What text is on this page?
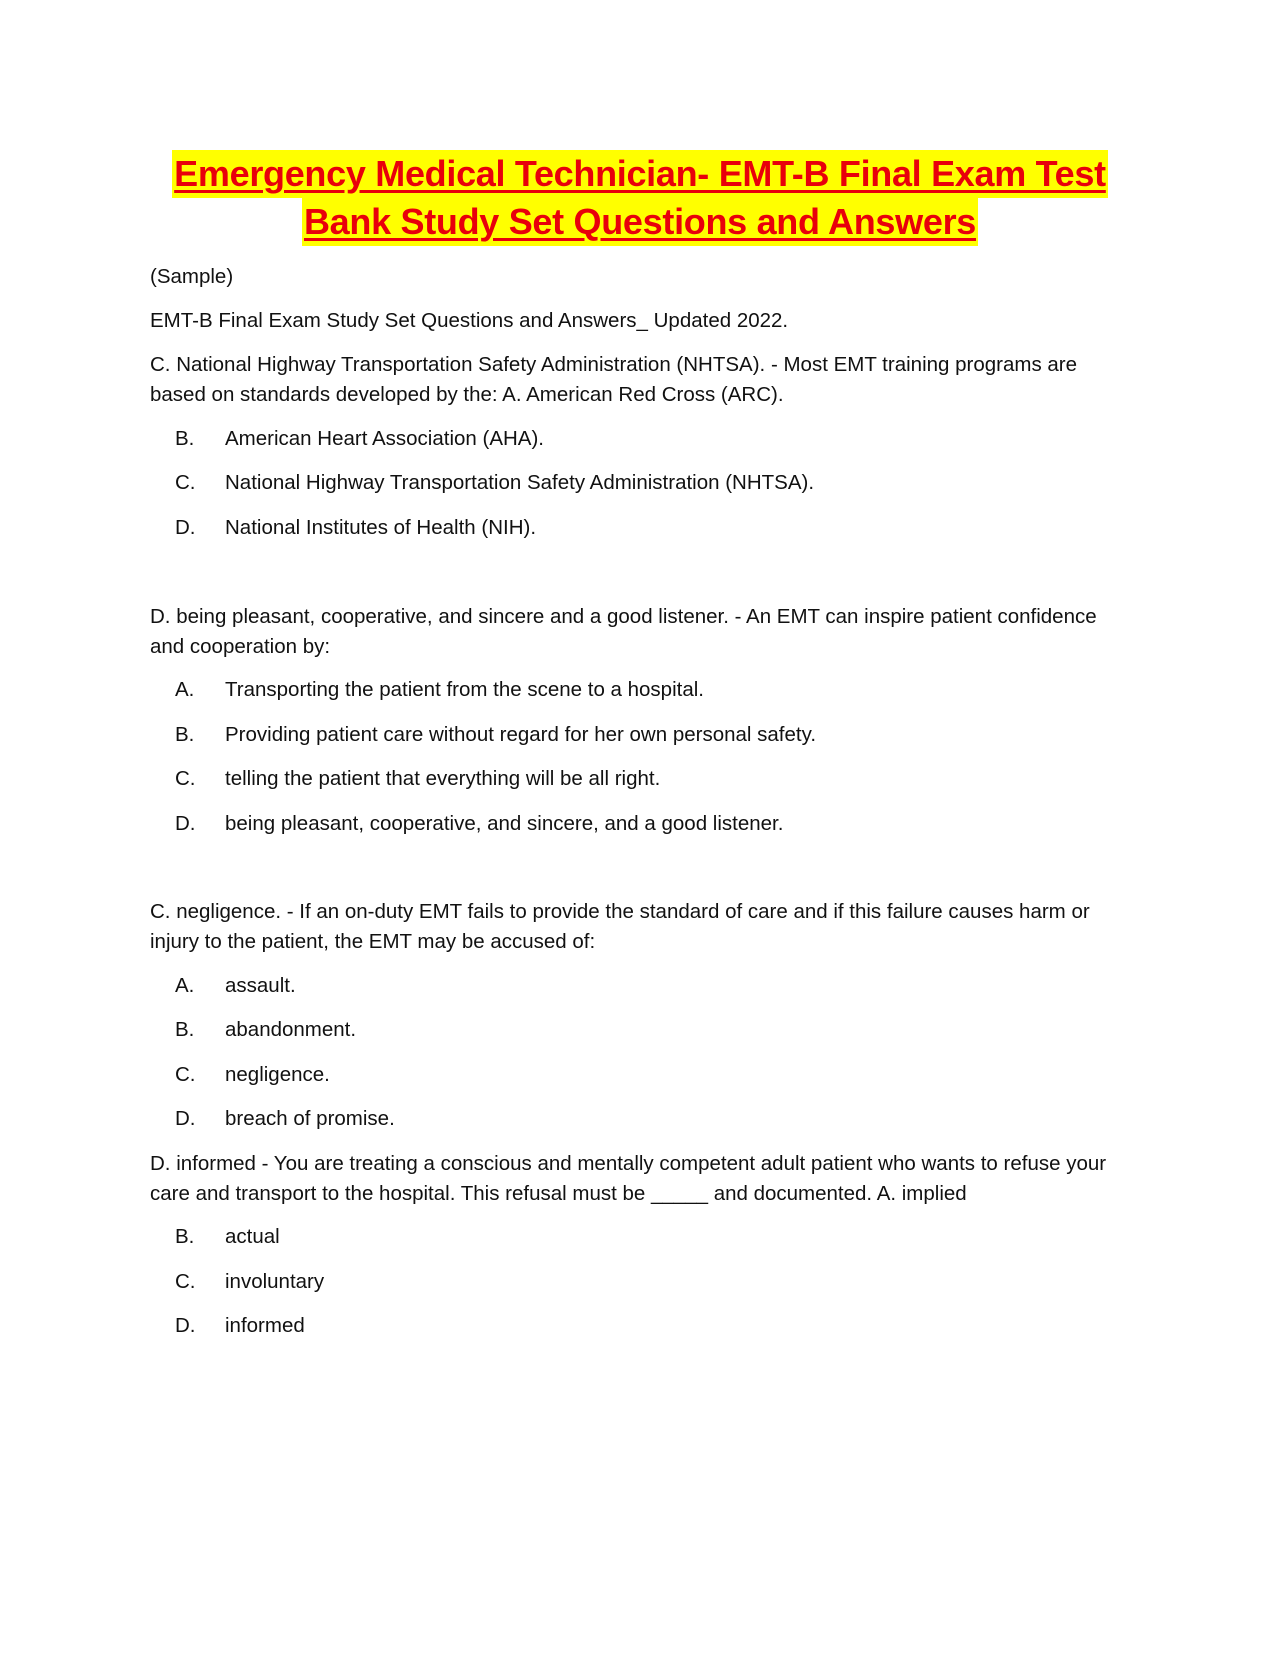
Emergency Medical Technician- EMT-B Final Exam Test
Bank Study Set Questions and Answers
(Sample)
EMT-B Final Exam Study Set Questions and Answers_ Updated 2022.

C. National Highway Transportation Safety Administration (NHTSA). - Most EMT training programs are based on standards developed by the: A. American Red Cross (ARC).

B. American Heart Association (AHA).
C. National Highway Transportation Safety Administration (NHTSA).
D. National Institutes of Health (NIH).

D. being pleasant, cooperative, and sincere and a good listener. - An EMT can inspire patient confidence and cooperation by:

A. Transporting the patient from the scene to a hospital.
B. Providing patient care without regard for her own personal safety.
C. telling the patient that everything will be all right.
D. being pleasant, cooperative, and sincere, and a good listener.

C. negligence. - If an on-duty EMT fails to provide the standard of care and if this failure causes harm or injury to the patient, the EMT may be accused of:

A. assault.
B. abandonment.
C. negligence.
D. breach of promise.

D. informed - You are treating a conscious and mentally competent adult patient who wants to refuse your care and transport to the hospital. This refusal must be _____ and documented. A. implied

B. actual
C. involuntary
D. informed
